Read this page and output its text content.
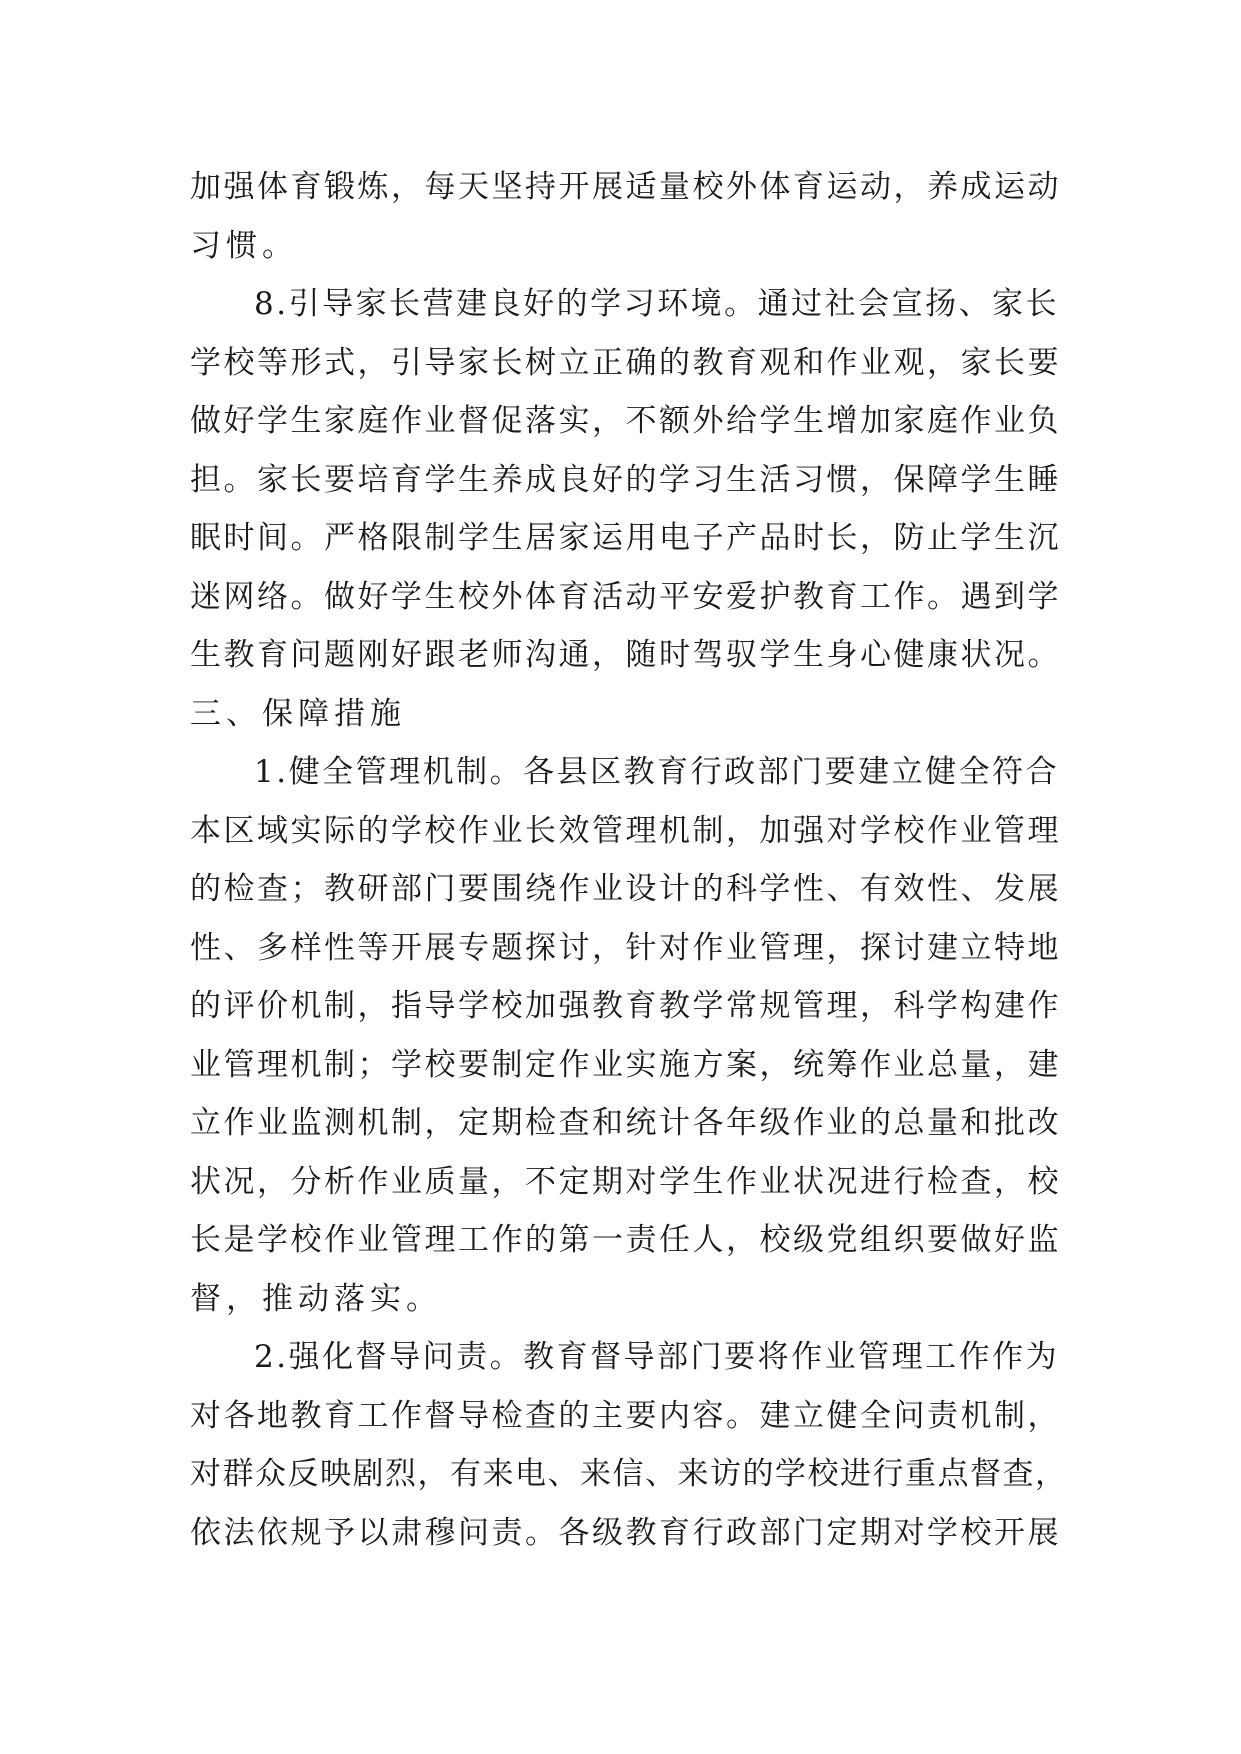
加强体育锻炼，每天坚持开展适量校外体育运动，养成运动
习惯。
8.引导家长营建良好的学习环境。通过社会宣扬、家长
学校等形式，引导家长树立正确的教育观和作业观，家长要
做好学生家庭作业督促落实，不额外给学生增加家庭作业负
担。家长要培育学生养成良好的学习生活习惯，保障学生睡
眠时间。严格限制学生居家运用电子产品时长，防止学生沉
迷网络。做好学生校外体育活动平安爱护教育工作。遇到学
生教育问题刚好跟老师沟通，随时驾驭学生身心健康状况。
三、保障措施
1.健全管理机制。各县区教育行政部门要建立健全符合
本区域实际的学校作业长效管理机制，加强对学校作业管理
的检查；教研部门要围绕作业设计的科学性、有效性、发展
性、多样性等开展专题探讨，针对作业管理，探讨建立特地
的评价机制，指导学校加强教育教学常规管理，科学构建作
业管理机制；学校要制定作业实施方案，统筹作业总量，建
立作业监测机制，定期检查和统计各年级作业的总量和批改
状况，分析作业质量，不定期对学生作业状况进行检查，校
长是学校作业管理工作的第一责任人，校级党组织要做好监
督，推动落实。
2.强化督导问责。教育督导部门要将作业管理工作作为
对各地教育工作督导检查的主要内容。建立健全问责机制，
对群众反映剧烈，有来电、来信、来访的学校进行重点督查，
依法依规予以肃穆问责。各级教育行政部门定期对学校开展
